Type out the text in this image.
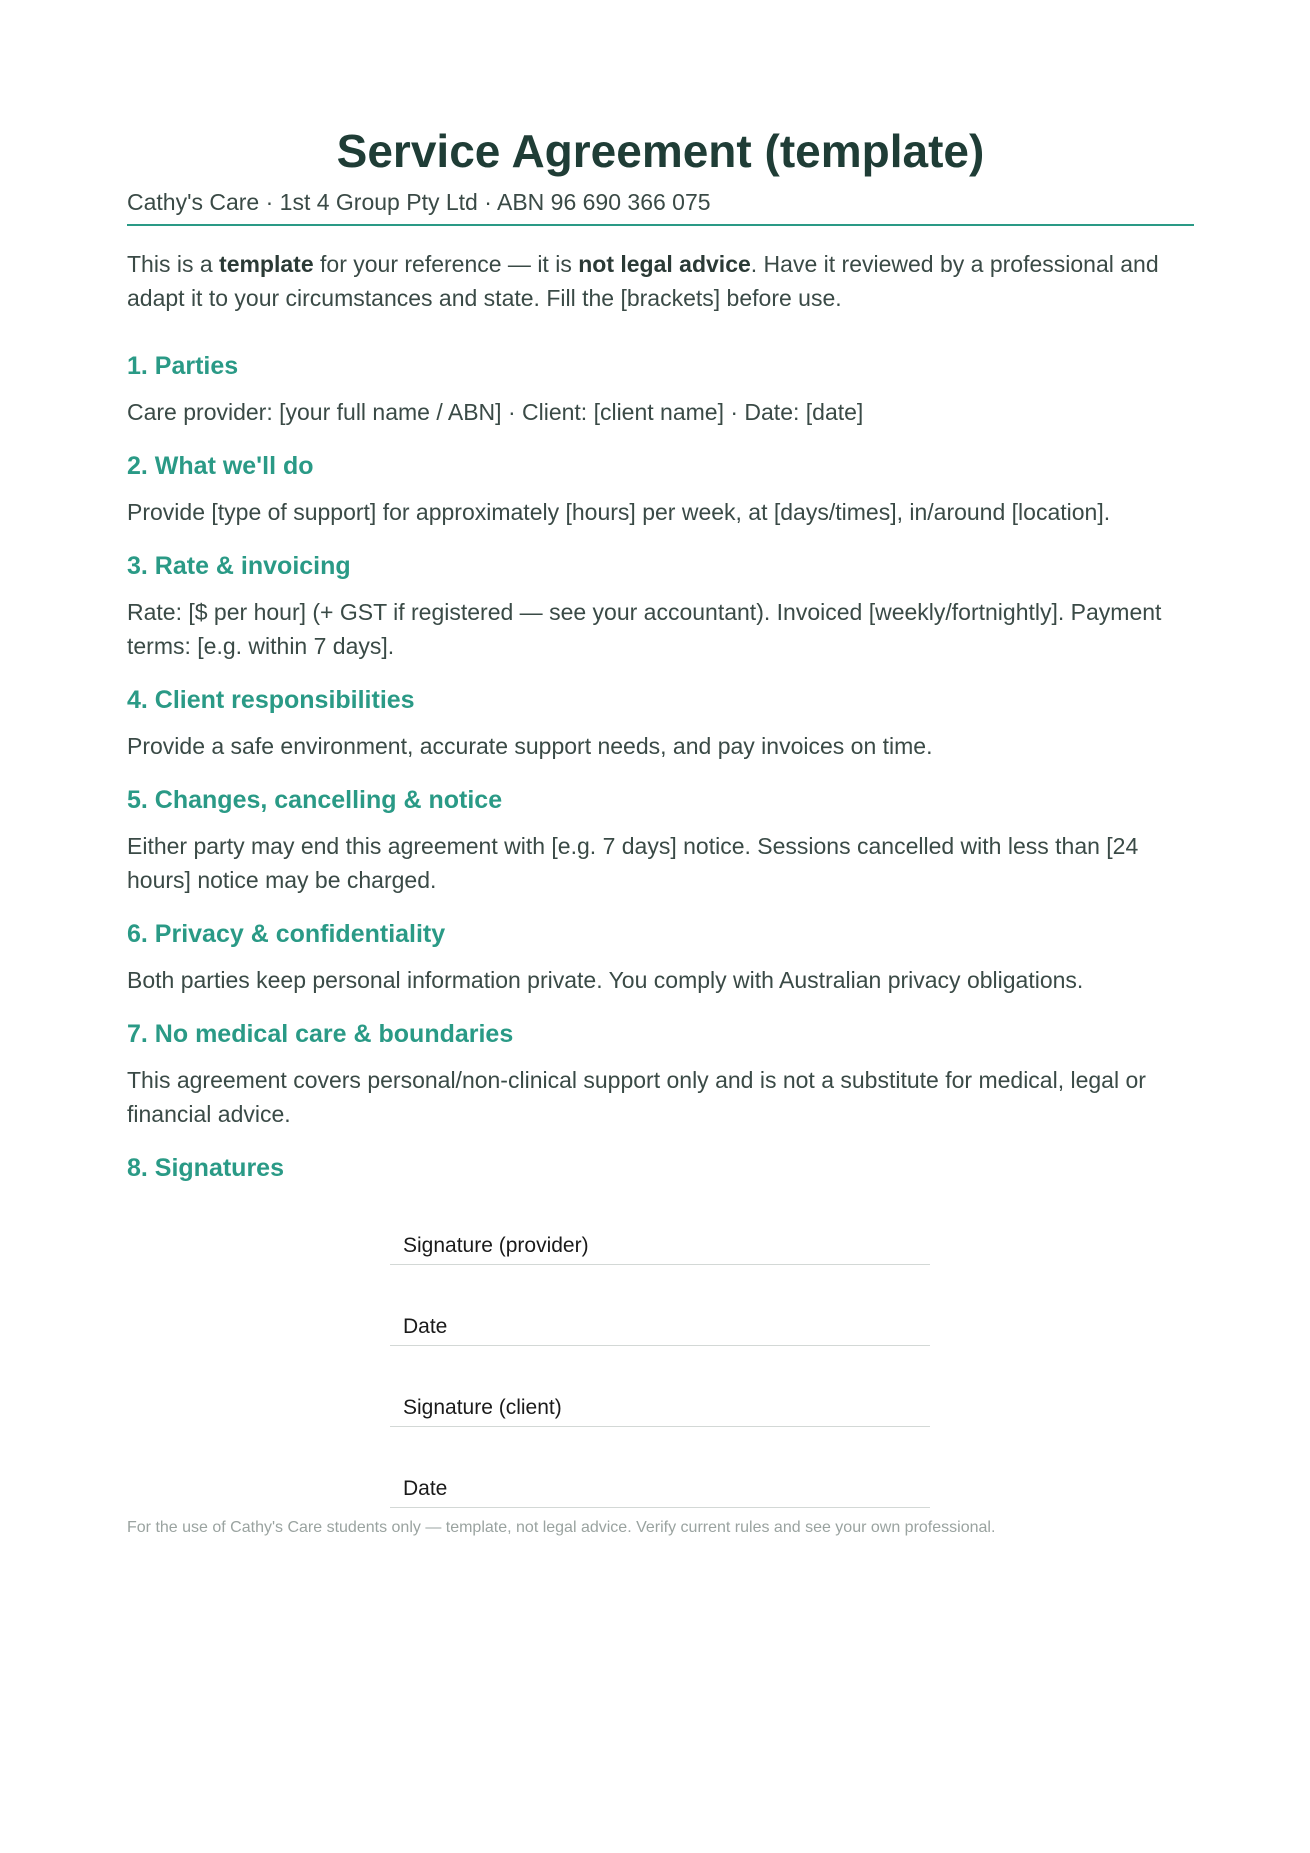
Service Agreement (template)
Cathy's Care · 1st 4 Group Pty Ltd · ABN 96 690 366 075

This is a template for your reference — it is not legal advice. Have it reviewed by a professional and adapt it to your circumstances and state. Fill the [brackets] before use.

1. Parties

Care provider: [your full name / ABN] · Client: [client name] · Date: [date]

2. What we'll do

Provide [type of support] for approximately [hours] per week, at [days/times], in/around [location].

3. Rate & invoicing

Rate: [$ per hour] (+ GST if registered — see your accountant). Invoiced [weekly/fortnightly]. Payment terms: [e.g. within 7 days].

4. Client responsibilities

Provide a safe environment, accurate support needs, and pay invoices on time.

5. Changes, cancelling & notice

Either party may end this agreement with [e.g. 7 days] notice. Sessions cancelled with less than [24 hours] notice may be charged.

6. Privacy & confidentiality

Both parties keep personal information private. You comply with Australian privacy obligations.

7. No medical care & boundaries

This agreement covers personal/non-clinical support only and is not a substitute for medical, legal or financial advice.

8. Signatures
Signature (provider)
Date
Signature (client)
Date
For the use of Cathy's Care students only — template, not legal advice. Verify current rules and see your own professional.
